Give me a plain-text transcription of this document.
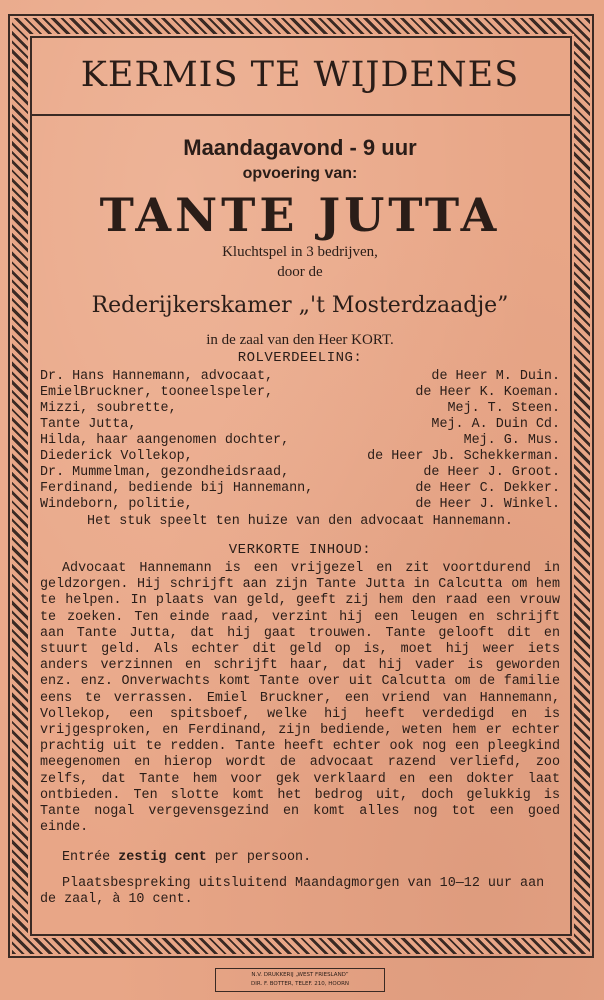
KERMIS TE WIJDENES
Maandagavond - 9 uur
opvoering van:
TANTE JUTTA
Kluchtspel in 3 bedrijven,
door de
Rederijkerskamer „'t Mosterdzaadje”
in de zaal van den Heer KORT.
ROLVERDEELING:
Dr. Hans Hannemann, advocaat,	de Heer M. Duin.
EmielBruckner, tooneelspeler,	de Heer K. Koeman.
Mizzi, soubrette,	Mej. T. Steen.
Tante Jutta,	Mej. A. Duin Cd.
Hilda, haar aangenomen dochter,	Mej. G. Mus.
Diederick Vollekop,	de Heer Jb. Schekkerman.
Dr. Mummelman, gezondheidsraad,	de Heer J. Groot.
Ferdinand, bediende bij Hannemann,	de Heer C. Dekker.
Windeborn, politie,	de Heer J. Winkel.
Het stuk speelt ten huize van den advocaat Hannemann.
VERKORTE INHOUD:
Advocaat Hannemann is een vrijgezel en zit voortdurend in geldzorgen. Hij schrijft aan zijn Tante Jutta in Calcutta om hem te helpen. In plaats van geld, geeft zij hem den raad een vrouw te zoeken. Ten einde raad, verzint hij een leugen en schrijft aan Tante Jutta, dat hij gaat trouwen. Tante gelooft dit en stuurt geld. Als echter dit geld op is, moet hij weer iets anders verzinnen en schrijft haar, dat hij vader is geworden enz. enz. Onverwachts komt Tante over uit Calcutta om de familie eens te verrassen. Emiel Bruckner, een vriend van Hannemann, Vollekop, een spitsboef, welke hij heeft verdedigd en is vrijgesproken, en Ferdinand, zijn bediende, weten hem er echter prachtig uit te redden. Tante heeft echter ook nog een pleegkind meegenomen en hierop wordt de advocaat razend verliefd, zoo zelfs, dat Tante hem voor gek verklaard en een dokter laat ontbieden. Ten slotte komt het bedrog uit, doch gelukkig is Tante nogal vergevensgezind en komt alles nog tot een goed einde.
Entrée zestig cent per persoon.
Plaatsbespreking uitsluitend Maandagmorgen van 10—12 uur aan de zaal, à 10 cent.
N.V. DRUKKERIJ „WEST FRIESLAND”
DIR. F. BOTTER, TELEF. 210, HOORN
